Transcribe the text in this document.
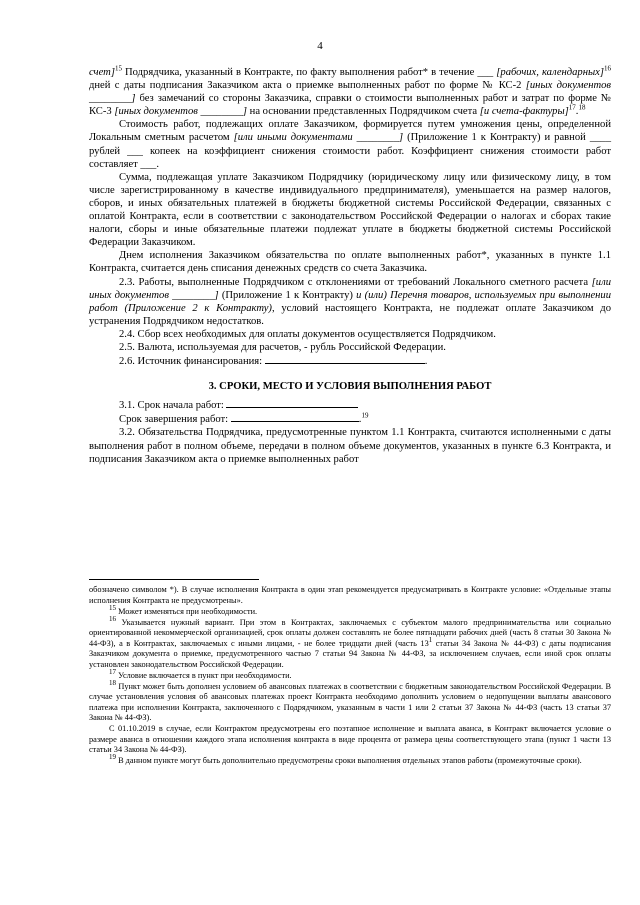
4

счет]$^{15}$ Подрядчика, указанный в Контракте, по факту выполнения работ* в течение ___ [рабочих, календарных]$^{16}$ дней с даты подписания Заказчиком акта о приемке выполненных работ по форме № КС-2 [иных документов ________] без замечаний со стороны Заказчика, справки о стоимости выполненных работ и затрат по форме № КС-3 [иных документов ________] на основании представленных Подрядчиком счета [и счета-фактуры]$^{17}$.$^{18}$

Стоимость работ, подлежащих оплате Заказчиком, формируется путем умножения цены, определенной Локальным сметным расчетом [или иными документами ________] (Приложение 1 к Контракту) и равной ____ рублей ___ копеек на коэффициент снижения стоимости работ. Коэффициент снижения стоимости работ составляет ___.

Сумма, подлежащая уплате Заказчиком Подрядчику (юридическому лицу или физическому лицу, в том числе зарегистрированному в качестве индивидуального предпринимателя), уменьшается на размер налогов, сборов, и иных обязательных платежей в бюджеты бюджетной системы Российской Федерации, связанных с оплатой Контракта, если в соответствии с законодательством Российской Федерации о налогах и сборах такие налоги, сборы и иные обязательные платежи подлежат уплате в бюджеты бюджетной системы Российской Федерации Заказчиком.

Днем исполнения Заказчиком обязательства по оплате выполненных работ*, указанных в пункте 1.1 Контракта, считается день списания денежных средств со счета Заказчика.

2.3. Работы, выполненные Подрядчиком с отклонениями от требований Локального сметного расчета [или иных документов ________] (Приложение 1 к Контракту) и (или) Перечня товаров, используемых при выполнении работ (Приложение 2 к Контракту), условий настоящего Контракта, не подлежат оплате Заказчиком до устранения Подрядчиком недостатков.

2.4. Сбор всех необходимых для оплаты документов осуществляется Подрядчиком.

2.5. Валюта, используемая для расчетов, - рубль Российской Федерации.

2.6. Источник финансирования:	.

3. СРОКИ, МЕСТО И УСЛОВИЯ ВЫПОЛНЕНИЯ РАБОТ

3.1. Срок начала работ:

Срок завершения работ:	.$^{19}$

3.2. Обязательства Подрядчика, предусмотренные пунктом 1.1 Контракта, считаются исполненными с даты выполнения работ в полном объеме, передачи в полном объеме документов, указанных в пункте 6.3 Контракта, и подписания Заказчиком акта о приемке выполненных работ

обозначено символом *). В случае исполнения Контракта в один этап рекомендуется предусматривать в Контракте условие: «Отдельные этапы исполнения Контракта не предусмотрены».

$^{15}$ Может изменяться при необходимости.

$^{16}$ Указывается нужный вариант. При этом в Контрактах, заключаемых с субъектом малого предпринимательства или социально ориентированной некоммерческой организацией, срок оплаты должен составлять не более пятнадцати рабочих дней (часть 8 статьи 30 Закона № 44-ФЗ), а в Контрактах, заключаемых с иными лицами, - не более тридцати дней (часть $13^1$ статьи 34 Закона № 44-ФЗ) с даты подписания Заказчиком документа о приемке, предусмотренного частью 7 статьи 94 Закона № 44-ФЗ, за исключением случаев, если иной срок оплаты установлен законодательством Российской Федерации.

$^{17}$ Условие включается в пункт при необходимости.

$^{18}$ Пункт может быть дополнен условием об авансовых платежах в соответствии с бюджетным законодательством Российской Федерации. В случае установления условия об авансовых платежах проект Контракта необходимо дополнить условием о недопущении выплаты авансового платежа при исполнении Контракта, заключенного с Подрядчиком, указанным в части 1 или 2 статьи 37 Закона № 44-ФЗ (часть 13 статьи 37 Закона № 44-ФЗ).

С 01.10.2019 в случае, если Контрактом предусмотрены его поэтапное исполнение и выплата аванса, в Контракт включается условие о размере аванса в отношении каждого этапа исполнения контракта в виде процента от размера цены соответствующего этапа (пункт 1 части 13 статьи 34 Закона № 44-ФЗ).

$^{19}$ В данном пункте могут быть дополнительно предусмотрены сроки выполнения отдельных этапов работы (промежуточные сроки).
